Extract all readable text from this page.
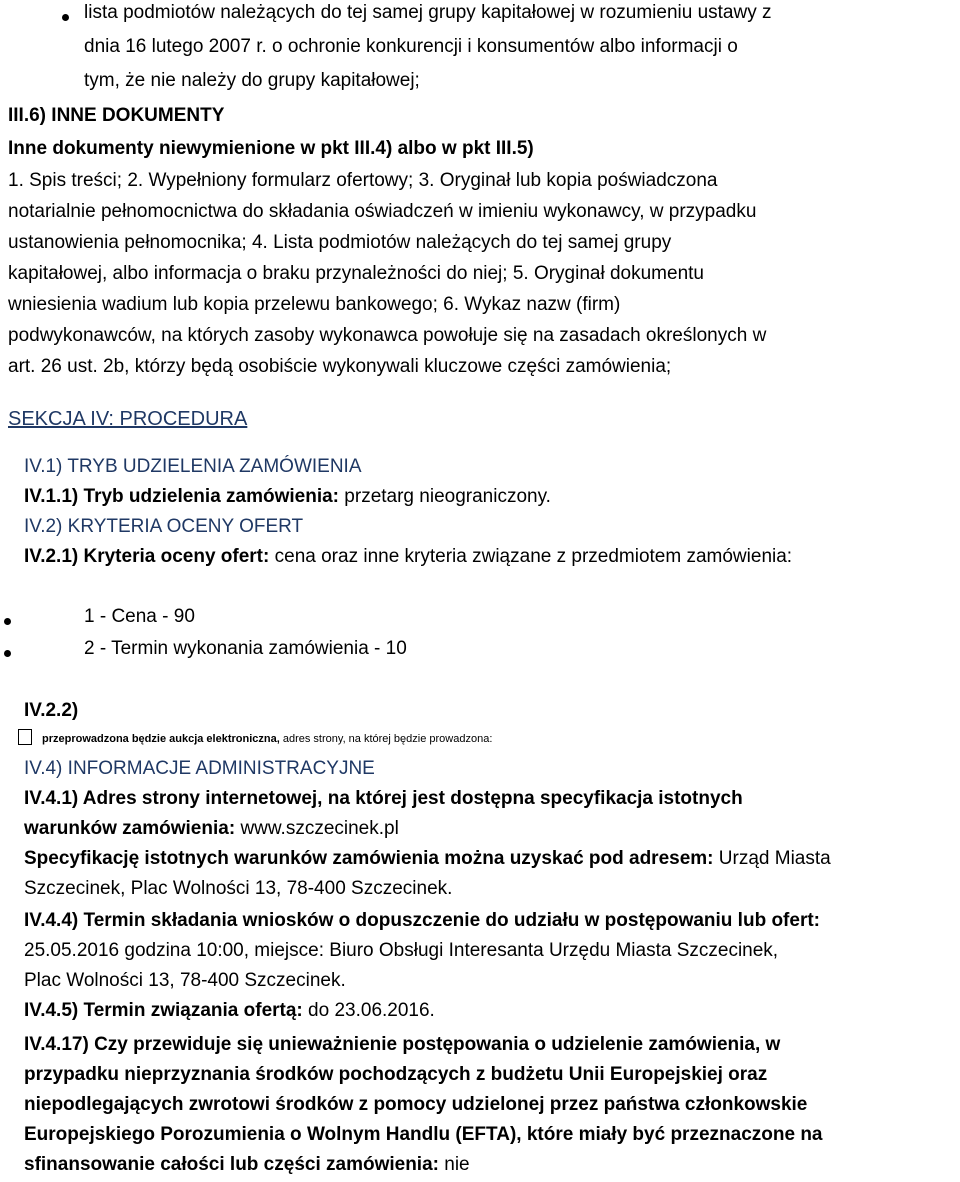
lista podmiotów należących do tej samej grupy kapitałowej w rozumieniu ustawy z
dnia 16 lutego 2007 r. o ochronie konkurencji i konsumentów albo informacji o
tym, że nie należy do grupy kapitałowej;
III.6) INNE DOKUMENTY
Inne dokumenty niewymienione w pkt III.4) albo w pkt III.5)
1. Spis treści; 2. Wypełniony formularz ofertowy; 3. Oryginał lub kopia poświadczona
notarialnie pełnomocnictwa do składania oświadczeń w imieniu wykonawcy, w przypadku
ustanowienia pełnomocnika; 4. Lista podmiotów należących do tej samej grupy
kapitałowej, albo informacja o braku przynależności do niej; 5. Oryginał dokumentu
wniesienia wadium lub kopia przelewu bankowego; 6. Wykaz nazw (firm)
podwykonawców, na których zasoby wykonawca powołuje się na zasadach określonych w
art. 26 ust. 2b, którzy będą osobiście wykonywali kluczowe części zamówienia;
SEKCJA IV: PROCEDURA
IV.1) TRYB UDZIELENIA ZAMÓWIENIA
IV.1.1) Tryb udzielenia zamówienia: przetarg nieograniczony.
IV.2) KRYTERIA OCENY OFERT
IV.2.1) Kryteria oceny ofert: cena oraz inne kryteria związane z przedmiotem zamówienia:
1 - Cena - 90
2 - Termin wykonania zamówienia - 10
IV.2.2)
przeprowadzona będzie aukcja elektroniczna, adres strony, na której będzie prowadzona:
IV.4) INFORMACJE ADMINISTRACYJNE
IV.4.1) Adres strony internetowej, na której jest dostępna specyfikacja istotnych
warunków zamówienia: www.szczecinek.pl
Specyfikację istotnych warunków zamówienia można uzyskać pod adresem: Urząd Miasta
Szczecinek, Plac Wolności 13, 78-400 Szczecinek.
IV.4.4) Termin składania wniosków o dopuszczenie do udziału w postępowaniu lub ofert:
25.05.2016 godzina 10:00, miejsce: Biuro Obsługi Interesanta Urzędu Miasta Szczecinek,
Plac Wolności 13, 78-400 Szczecinek.
IV.4.5) Termin związania ofertą: do 23.06.2016.
IV.4.17) Czy przewiduje się unieważnienie postępowania o udzielenie zamówienia, w
przypadku nieprzyznania środków pochodzących z budżetu Unii Europejskiej oraz
niepodlegających zwrotowi środków z pomocy udzielonej przez państwa członkowskie
Europejskiego Porozumienia o Wolnym Handlu (EFTA), które miały być przeznaczone na
sfinansowanie całości lub części zamówienia: nie
